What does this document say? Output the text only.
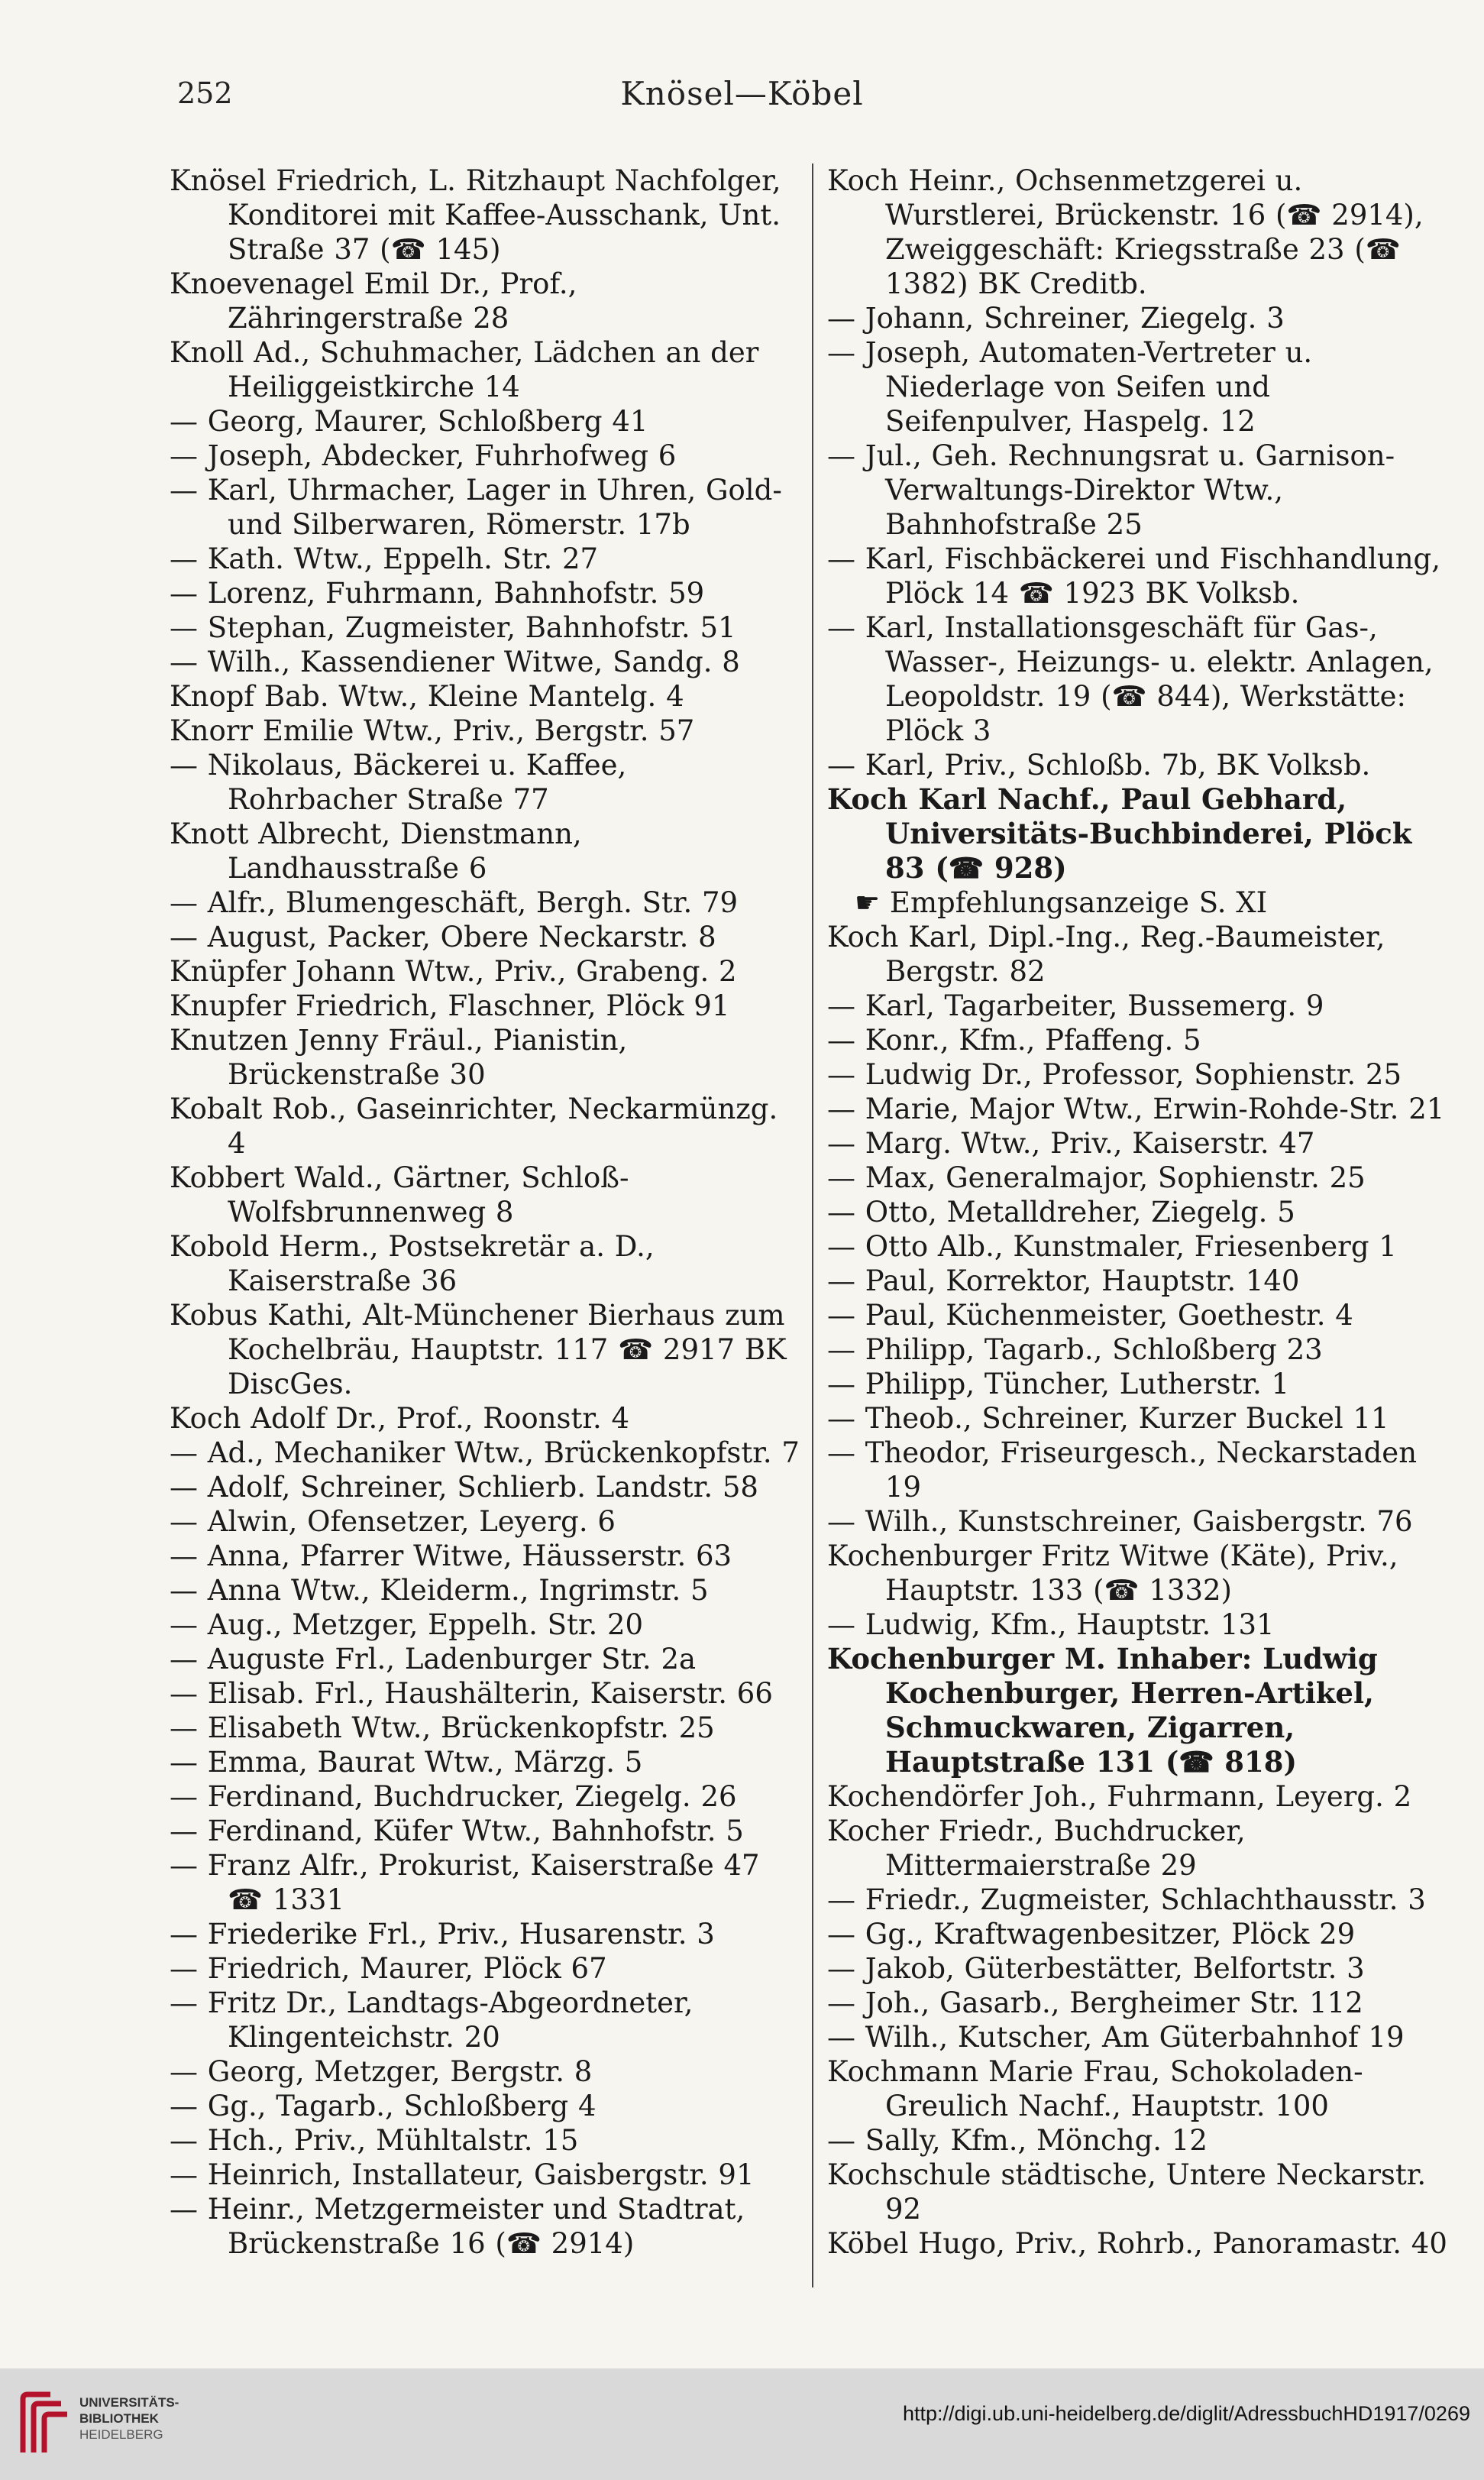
252	Knösel—Köbel
Knösel Friedrich, L. Ritzhaupt Nachfolger, Konditorei mit Kaffee-Ausschank, Unt. Straße 37 (☎ 145)
Knoevenagel Emil Dr., Prof., Zähringerstraße 28
Knoll Ad., Schuhmacher, Lädchen an der Heiliggeistkirche 14
— Georg, Maurer, Schloßberg 41
— Joseph, Abdecker, Fuhrhofweg 6
— Karl, Uhrmacher, Lager in Uhren, Gold- und Silberwaren, Römerstr. 17b
— Kath. Wtw., Eppelh. Str. 27
— Lorenz, Fuhrmann, Bahnhofstr. 59
— Stephan, Zugmeister, Bahnhofstr. 51
— Wilh., Kassendiener Witwe, Sandg. 8
Knopf Bab. Wtw., Kleine Mantelg. 4
Knorr Emilie Wtw., Priv., Bergstr. 57
— Nikolaus, Bäckerei u. Kaffee, Rohrbacher Straße 77
Knott Albrecht, Dienstmann, Landhausstraße 6
— Alfr., Blumengeschäft, Bergh. Str. 79
— August, Packer, Obere Neckarstr. 8
Knüpfer Johann Wtw., Priv., Grabeng. 2
Knupfer Friedrich, Flaschner, Plöck 91
Knutzen Jenny Fräul., Pianistin, Brückenstraße 30
Kobalt Rob., Gaseinrichter, Neckarmünzg. 4
Kobbert Wald., Gärtner, Schloß-Wolfsbrunnenweg 8
Kobold Herm., Postsekretär a. D., Kaiserstraße 36
Kobus Kathi, Alt-Münchener Bierhaus zum Kochelbräu, Hauptstr. 117 ☎ 2917 BK DiscGes.
Koch Adolf Dr., Prof., Roonstr. 4
— Ad., Mechaniker Wtw., Brückenkopfstr. 7
— Adolf, Schreiner, Schlierb. Landstr. 58
— Alwin, Ofensetzer, Leyerg. 6
— Anna, Pfarrer Witwe, Häusserstr. 63
— Anna Wtw., Kleiderm., Ingrimstr. 5
— Aug., Metzger, Eppelh. Str. 20
— Auguste Frl., Ladenburger Str. 2a
— Elisab. Frl., Haushälterin, Kaiserstr. 66
— Elisabeth Wtw., Brückenkopfstr. 25
— Emma, Baurat Wtw., Märzg. 5
— Ferdinand, Buchdrucker, Ziegelg. 26
— Ferdinand, Küfer Wtw., Bahnhofstr. 5
— Franz Alfr., Prokurist, Kaiserstraße 47 ☎ 1331
— Friederike Frl., Priv., Husarenstr. 3
— Friedrich, Maurer, Plöck 67
— Fritz Dr., Landtags-Abgeordneter, Klingenteichstr. 20
— Georg, Metzger, Bergstr. 8
— Gg., Tagarb., Schloßberg 4
— Hch., Priv., Mühltalstr. 15
— Heinrich, Installateur, Gaisbergstr. 91
— Heinr., Metzgermeister und Stadtrat, Brückenstraße 16 (☎ 2914)
Koch Heinr., Ochsenmetzgerei u. Wurstlerei, Brückenstr. 16 (☎ 2914), Zweiggeschäft: Kriegsstraße 23 (☎ 1382) BK Creditb.
— Johann, Schreiner, Ziegelg. 3
— Joseph, Automaten-Vertreter u. Niederlage von Seifen und Seifenpulver, Haspelg. 12
— Jul., Geh. Rechnungsrat u. Garnison-Verwaltungs-Direktor Wtw., Bahnhofstraße 25
— Karl, Fischbäckerei und Fischhandlung, Plöck 14 ☎ 1923 BK Volksb.
— Karl, Installationsgeschäft für Gas-, Wasser-, Heizungs- u. elektr. Anlagen, Leopoldstr. 19 (☎ 844), Werkstätte: Plöck 3
— Karl, Priv., Schloßb. 7b, BK Volksb.
Koch Karl Nachf., Paul Gebhard, Universitäts-Buchbinderei, Plöck 83 (☎ 928)
☛ Empfehlungsanzeige S. XI
Koch Karl, Dipl.-Ing., Reg.-Baumeister, Bergstr. 82
— Karl, Tagarbeiter, Bussemerg. 9
— Konr., Kfm., Pfaffeng. 5
— Ludwig Dr., Professor, Sophienstr. 25
— Marie, Major Wtw., Erwin-Rohde-Str. 21
— Marg. Wtw., Priv., Kaiserstr. 47
— Max, Generalmajor, Sophienstr. 25
— Otto, Metalldreher, Ziegelg. 5
— Otto Alb., Kunstmaler, Friesenberg 1
— Paul, Korrektor, Hauptstr. 140
— Paul, Küchenmeister, Goethestr. 4
— Philipp, Tagarb., Schloßberg 23
— Philipp, Tüncher, Lutherstr. 1
— Theob., Schreiner, Kurzer Buckel 11
— Theodor, Friseurgesch., Neckarstaden 19
— Wilh., Kunstschreiner, Gaisbergstr. 76
Kochenburger Fritz Witwe (Käte), Priv., Hauptstr. 133 (☎ 1332)
— Ludwig, Kfm., Hauptstr. 131
Kochenburger M. Inhaber: Ludwig Kochenburger, Herren-Artikel, Schmuckwaren, Zigarren, Hauptstraße 131 (☎ 818)
Kochendörfer Joh., Fuhrmann, Leyerg. 2
Kocher Friedr., Buchdrucker, Mittermaierstraße 29
— Friedr., Zugmeister, Schlachthausstr. 3
— Gg., Kraftwagenbesitzer, Plöck 29
— Jakob, Güterbestätter, Belfortstr. 3
— Joh., Gasarb., Bergheimer Str. 112
— Wilh., Kutscher, Am Güterbahnhof 19
Kochmann Marie Frau, Schokoladen-Greulich Nachf., Hauptstr. 100
— Sally, Kfm., Mönchg. 12
Kochschule städtische, Untere Neckarstr. 92
Köbel Hugo, Priv., Rohrb., Panoramastr. 40
UNIVERSITÄTS-
BIBLIOTHEK
HEIDELBERG
http://digi.ub.uni-heidelberg.de/diglit/AdressbuchHD1917/0269
